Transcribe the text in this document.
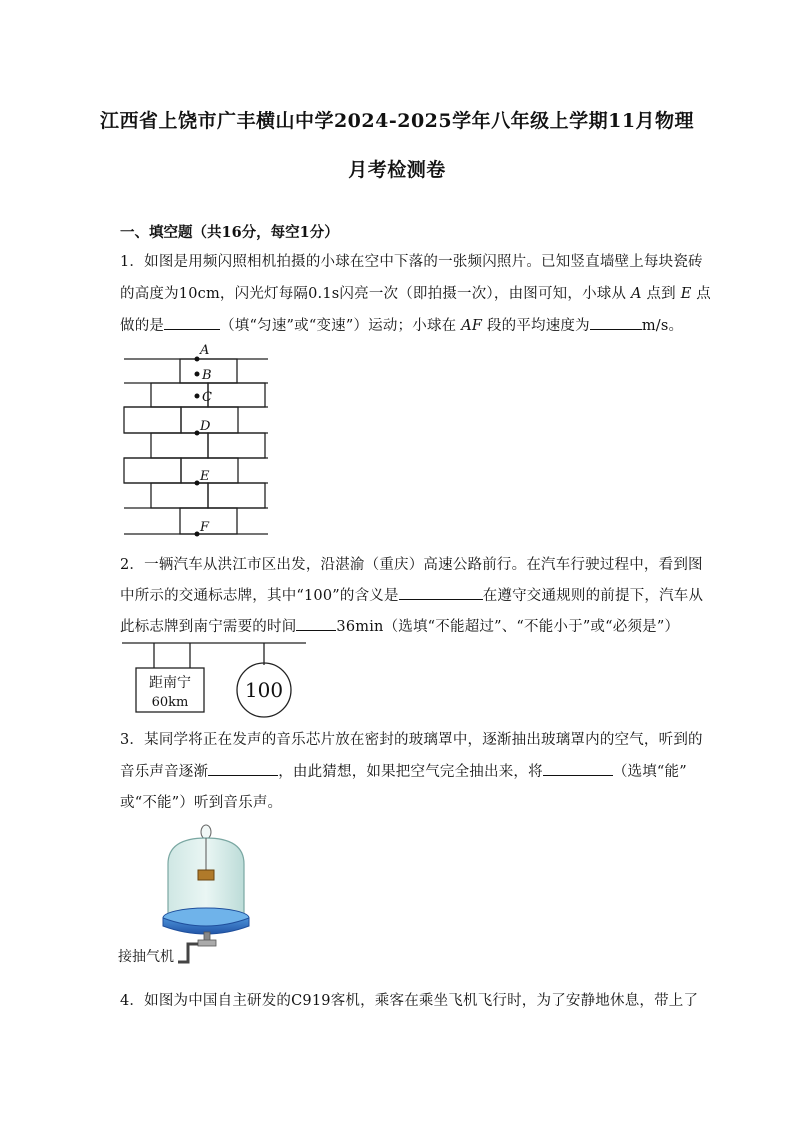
江西省上饶市广丰横山中学2024-2025学年八年级上学期11月物理
月考检测卷
一、填空题（共16分，每空1分）
1．如图是用频闪照相机拍摄的小球在空中下落的一张频闪照片。已知竖直墙壁上每块瓷砖
的高度为10cm，闪光灯每隔0.1s闪亮一次（即拍摄一次），由图可知，小球从 A 点到 E 点
做的是	（填“匀速”或“变速”）运动；小球在 AF 段的平均速度为	m/s。
A
B
C
D
E
F
2．一辆汽车从洪江市区出发，沿湛渝（重庆）高速公路前行。在汽车行驶过程中，看到图
中所示的交通标志牌，其中“100”的含义是	在遵守交通规则的前提下，汽车从
此标志牌到南宁需要的时间	36min（选填“不能超过”、“不能小于”或“必须是”）
距南宁
60km
100
3．某同学将正在发声的音乐芯片放在密封的玻璃罩中，逐渐抽出玻璃罩内的空气，听到的
音乐声音逐渐	，由此猜想，如果把空气完全抽出来，将	（选填“能”
或“不能”）听到音乐声。
接抽气机
4．如图为中国自主研发的C919客机，乘客在乘坐飞机飞行时，为了安静地休息，带上了
